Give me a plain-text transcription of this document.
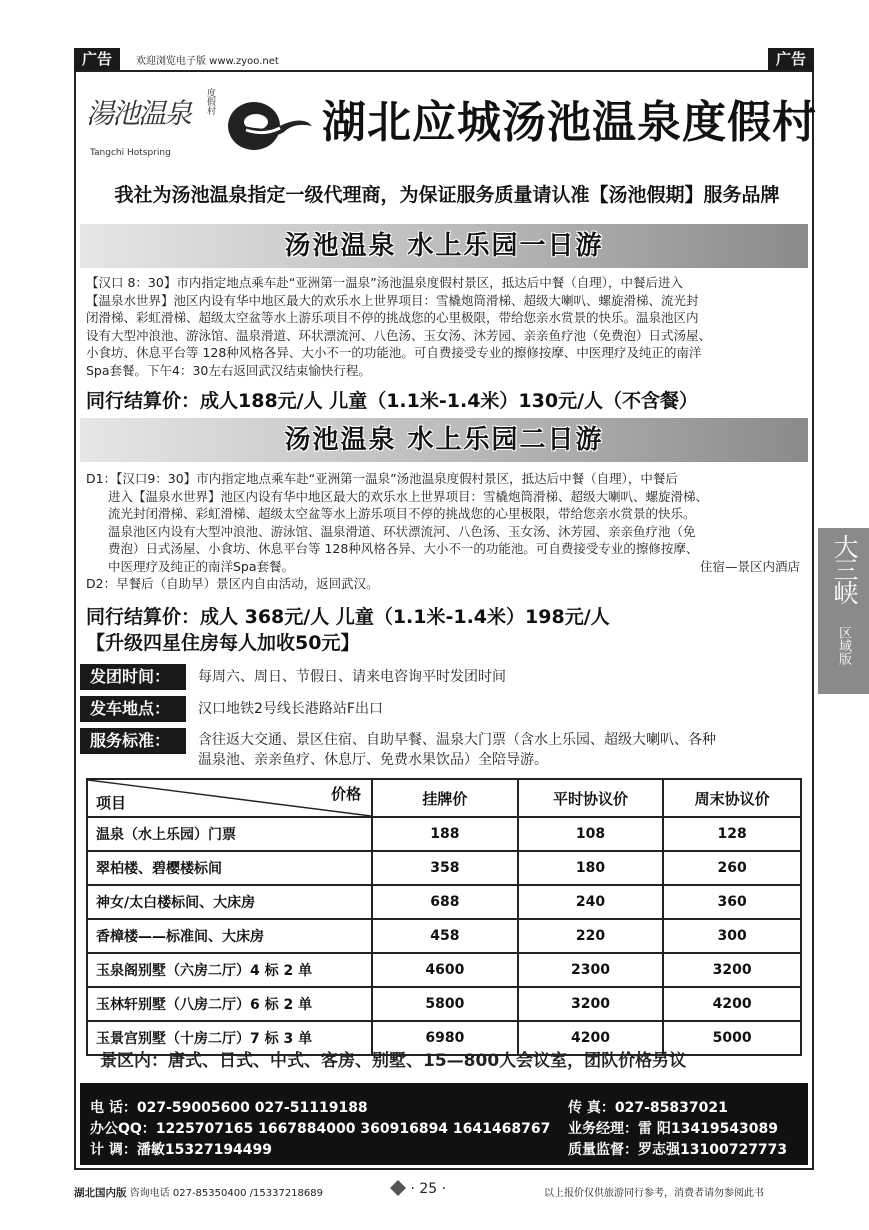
广告	欢迎浏览电子版 www.zyoo.net	广告
湯池温泉 度假村
Tangchi Hotspring
湖北应城汤池温泉度假村
我社为汤池温泉指定一级代理商，为保证服务质量请认准【汤池假期】服务品牌
汤池温泉 水上乐园一日游
【汉口 8：30】市内指定地点乘车赴“亚洲第一温泉”汤池温泉度假村景区，抵达后中餐（自理），中餐后进入
【温泉水世界】池区内设有华中地区最大的欢乐水上世界项目：雪橇炮筒滑梯、超级大喇叭、螺旋滑梯、流光封
闭滑梯、彩虹滑梯、超级太空盆等水上游乐项目不停的挑战您的心里极限，带给您亲水赏景的快乐。温泉池区内
设有大型冲浪池、游泳馆、温泉滑道、环状漂流河、八色汤、玉女汤、沐芳园、亲亲鱼疗池（免费泡）日式汤屋、
小食坊、休息平台等 128种风格各异、大小不一的功能池。可自费接受专业的擦修按摩、中医理疗及纯正的南洋
Spa套餐。下午4：30左右返回武汉结束愉快行程。
同行结算价：成人188元/人 儿童（1.1米-1.4米）130元/人（不含餐）
汤池温泉 水上乐园二日游
D1：【汉口9：30】市内指定地点乘车赴“亚洲第一温泉”汤池温泉度假村景区，抵达后中餐（自理），中餐后
进入【温泉水世界】池区内设有华中地区最大的欢乐水上世界项目：雪橇炮筒滑梯、超级大喇叭、螺旋滑梯、
流光封闭滑梯、彩虹滑梯、超级太空盆等水上游乐项目不停的挑战您的心里极限，带给您亲水赏景的快乐。
温泉池区内设有大型冲浪池、游泳馆、温泉滑道、环状漂流河、八色汤、玉女汤、沐芳园、亲亲鱼疗池（免
费泡）日式汤屋、小食坊、休息平台等 128种风格各异、大小不一的功能池。可自费接受专业的擦修按摩、
中医理疗及纯正的南洋Spa套餐。	住宿—景区内酒店
D2：早餐后（自助早）景区内自由活动，返回武汉。
同行结算价：成人 368元/人 儿童（1.1米-1.4米）198元/人
【升级四星住房每人加收50元】
发团时间：	每周六、周日、节假日、请来电咨询平时发团时间
发车地点：	汉口地铁2号线长港路站F出口
服务标准：	含往返大交通、景区住宿、自助早餐、温泉大门票（含水上乐园、超级大喇叭、各种
温泉池、亲亲鱼疗、休息厅、免费水果饮品）全陪导游。
项目 价格	挂牌价	平时协议价	周末协议价
温泉（水上乐园）门票	188	108	128
翠柏楼、碧樱楼标间	358	180	260
神女/太白楼标间、大床房	688	240	360
香樟楼——标准间、大床房	458	220	300
玉泉阁别墅（六房二厅）4 标 2 单	4600	2300	3200
玉林轩别墅（八房二厅）6 标 2 单	5800	3200	4200
玉景宫别墅（十房二厅）7 标 3 单	6980	4200	5000
景区内：唐式、日式、中式、客房、别墅、15—800人会议室，团队价格另议
电 话：027-59005600 027-51119188	传 真：027-85837021
办公QQ：1225707165 1667884000 360916894 1641468767 业务经理：雷 阳13419543089
计 调：潘敏15327194499	质量监督：罗志强13100727773
大三峡
区域版
湖北国内版 咨询电话 027-85350400 /15337218689	· 25 ·	以上报价仅供旅游同行参考，消费者请勿参阅此书
